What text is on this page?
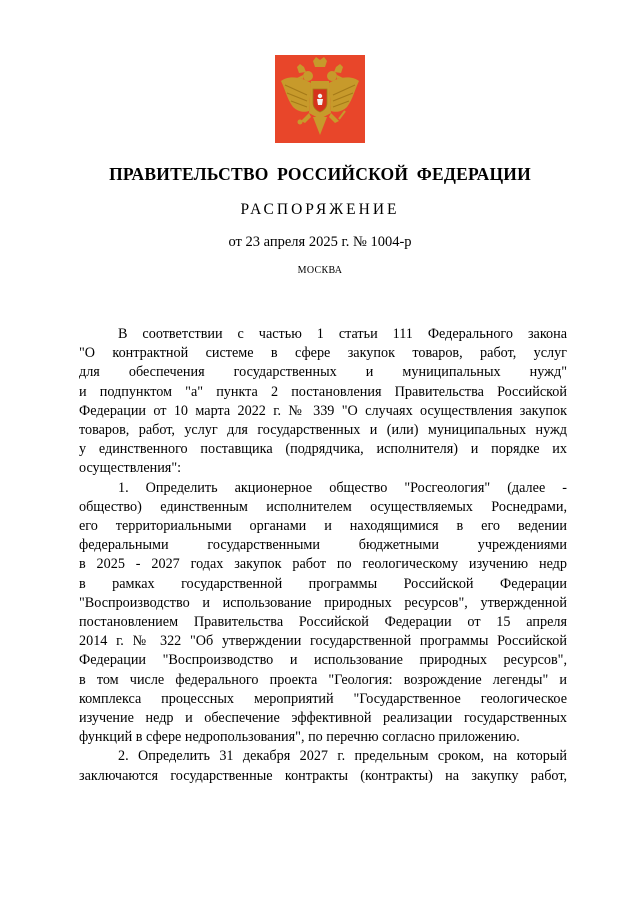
ПРАВИТЕЛЬСТВО РОССИЙСКОЙ ФЕДЕРАЦИИ
РАСПОРЯЖЕНИЕ
от 23 апреля 2025 г. № 1004-р
МОСКВА
В соответствии с частью 1 статьи 111 Федерального закона
"О контрактной системе в сфере закупок товаров, работ, услуг
для обеспечения государственных и муниципальных нужд"
и подпунктом "а" пункта 2 постановления Правительства Российской
Федерации от 10 марта 2022 г. № 339 "О случаях осуществления закупок
товаров, работ, услуг для государственных и (или) муниципальных нужд
у единственного поставщика (подрядчика, исполнителя) и порядке их
осуществления":
1. Определить акционерное общество "Росгеология" (далее -
общество) единственным исполнителем осуществляемых Роснедрами,
его территориальными органами и находящимися в его ведении
федеральными государственными бюджетными учреждениями
в 2025 - 2027 годах закупок работ по геологическому изучению недр
в рамках государственной программы Российской Федерации
"Воспроизводство и использование природных ресурсов", утвержденной
постановлением Правительства Российской Федерации от 15 апреля
2014 г. № 322 "Об утверждении государственной программы Российской
Федерации "Воспроизводство и использование природных ресурсов",
в том числе федерального проекта "Геология: возрождение легенды" и
комплекса процессных мероприятий "Государственное геологическое
изучение недр и обеспечение эффективной реализации государственных
функций в сфере недропользования", по перечню согласно приложению.
2. Определить 31 декабря 2027 г. предельным сроком, на который
заключаются государственные контракты (контракты) на закупку работ,
